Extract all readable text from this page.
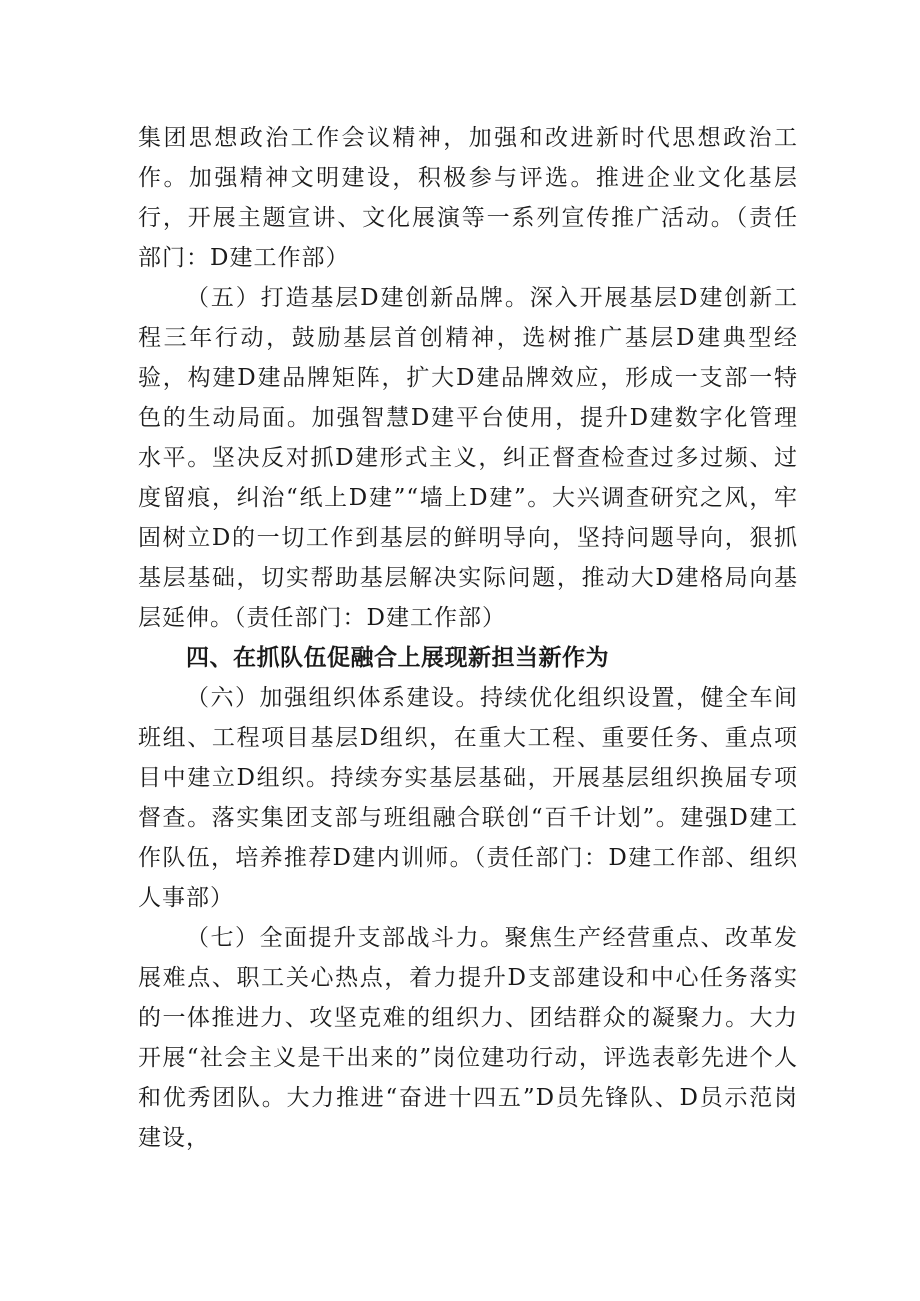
集团思想政治工作会议精神，加强和改进新时代思想政治工作。加强精神文明建设，积极参与评选。推进企业文化基层行，开展主题宣讲、文化展演等一系列宣传推广活动。（责任部门：D建工作部）

（五）打造基层D建创新品牌。深入开展基层D建创新工程三年行动，鼓励基层首创精神，选树推广基层D建典型经验，构建D建品牌矩阵，扩大D建品牌效应，形成一支部一特色的生动局面。加强智慧D建平台使用，提升D建数字化管理水平。坚决反对抓D建形式主义，纠正督查检查过多过频、过度留痕，纠治“纸上D建”“墙上D建”。大兴调查研究之风，牢固树立D的一切工作到基层的鲜明导向，坚持问题导向，狠抓基层基础，切实帮助基层解决实际问题，推动大D建格局向基层延伸。（责任部门：D建工作部）

四、在抓队伍促融合上展现新担当新作为

（六）加强组织体系建设。持续优化组织设置，健全车间班组、工程项目基层D组织，在重大工程、重要任务、重点项目中建立D组织。持续夯实基层基础，开展基层组织换届专项督查。落实集团支部与班组融合联创“百千计划”。建强D建工作队伍，培养推荐D建内训师。（责任部门：D建工作部、组织人事部）

（七）全面提升支部战斗力。聚焦生产经营重点、改革发展难点、职工关心热点，着力提升D支部建设和中心任务落实的一体推进力、攻坚克难的组织力、团结群众的凝聚力。大力开展“社会主义是干出来的”岗位建功行动，评选表彰先进个人和优秀团队。大力推进“奋进十四五”D员先锋队、D员示范岗建设，
